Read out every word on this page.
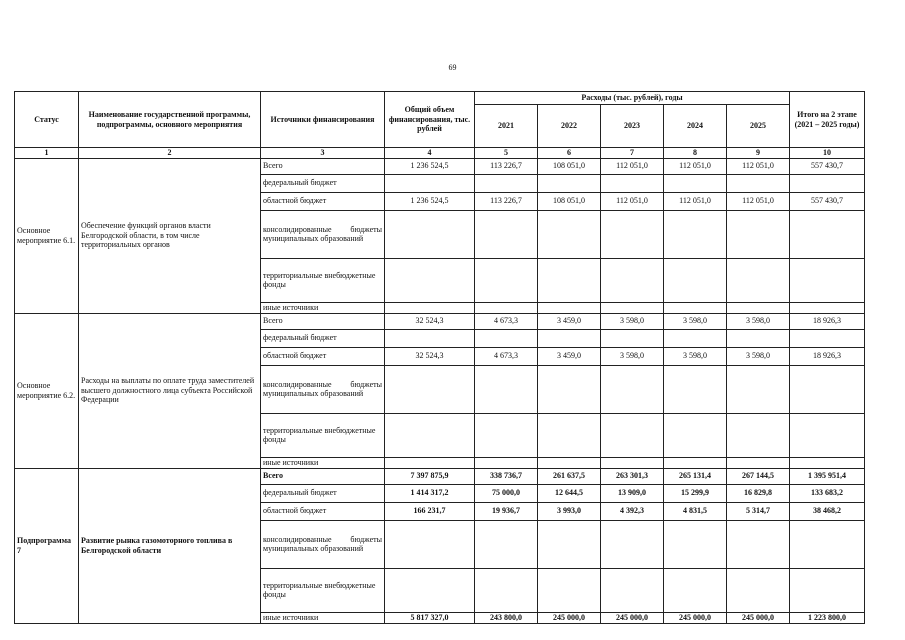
69
Статус	Наименование государственной программы, подпрограммы, основного мероприятия	Источники финансирования	Общий объем финансирования, тыс. рублей	Расходы (тыс. рублей), годы					Итого на 2 этапе (2021 – 2025 годы)
				2021	2022	2023	2024	2025	
1	2	3	4	5	6	7	8	9	10
Основное мероприятие 6.1.	Обеспечение функций органов власти Белгородской области, в том числе территориальных органов	Всего	1 236 524,5	113 226,7	108 051,0	112 051,0	112 051,0	112 051,0	557 430,7
		федеральный бюджет							
		областной бюджет	1 236 524,5	113 226,7	108 051,0	112 051,0	112 051,0	112 051,0	557 430,7
		консолидированные бюджеты муниципальных образований							
		территориальные внебюджетные фонды							
		иные источники							
Основное мероприятие 6.2.	Расходы на выплаты по оплате труда заместителей высшего должностного лица субъекта Российской Федерации	Всего	32 524,3	4 673,3	3 459,0	3 598,0	3 598,0	3 598,0	18 926,3
		федеральный бюджет							
		областной бюджет	32 524,3	4 673,3	3 459,0	3 598,0	3 598,0	3 598,0	18 926,3
		консолидированные бюджеты муниципальных образований							
		территориальные внебюджетные фонды							
		иные источники							
Подпрограмма 7	Развитие рынка газомоторного топлива в Белгородской области	Всего	7 397 875,9	338 736,7	261 637,5	263 301,3	265 131,4	267 144,5	1 395 951,4
		федеральный бюджет	1 414 317,2	75 000,0	12 644,5	13 909,0	15 299,9	16 829,8	133 683,2
		областной бюджет	166 231,7	19 936,7	3 993,0	4 392,3	4 831,5	5 314,7	38 468,2
		консолидированные бюджеты муниципальных образований							
		территориальные внебюджетные фонды							
		иные источники	5 817 327,0	243 800,0	245 000,0	245 000,0	245 000,0	245 000,0	1 223 800,0
